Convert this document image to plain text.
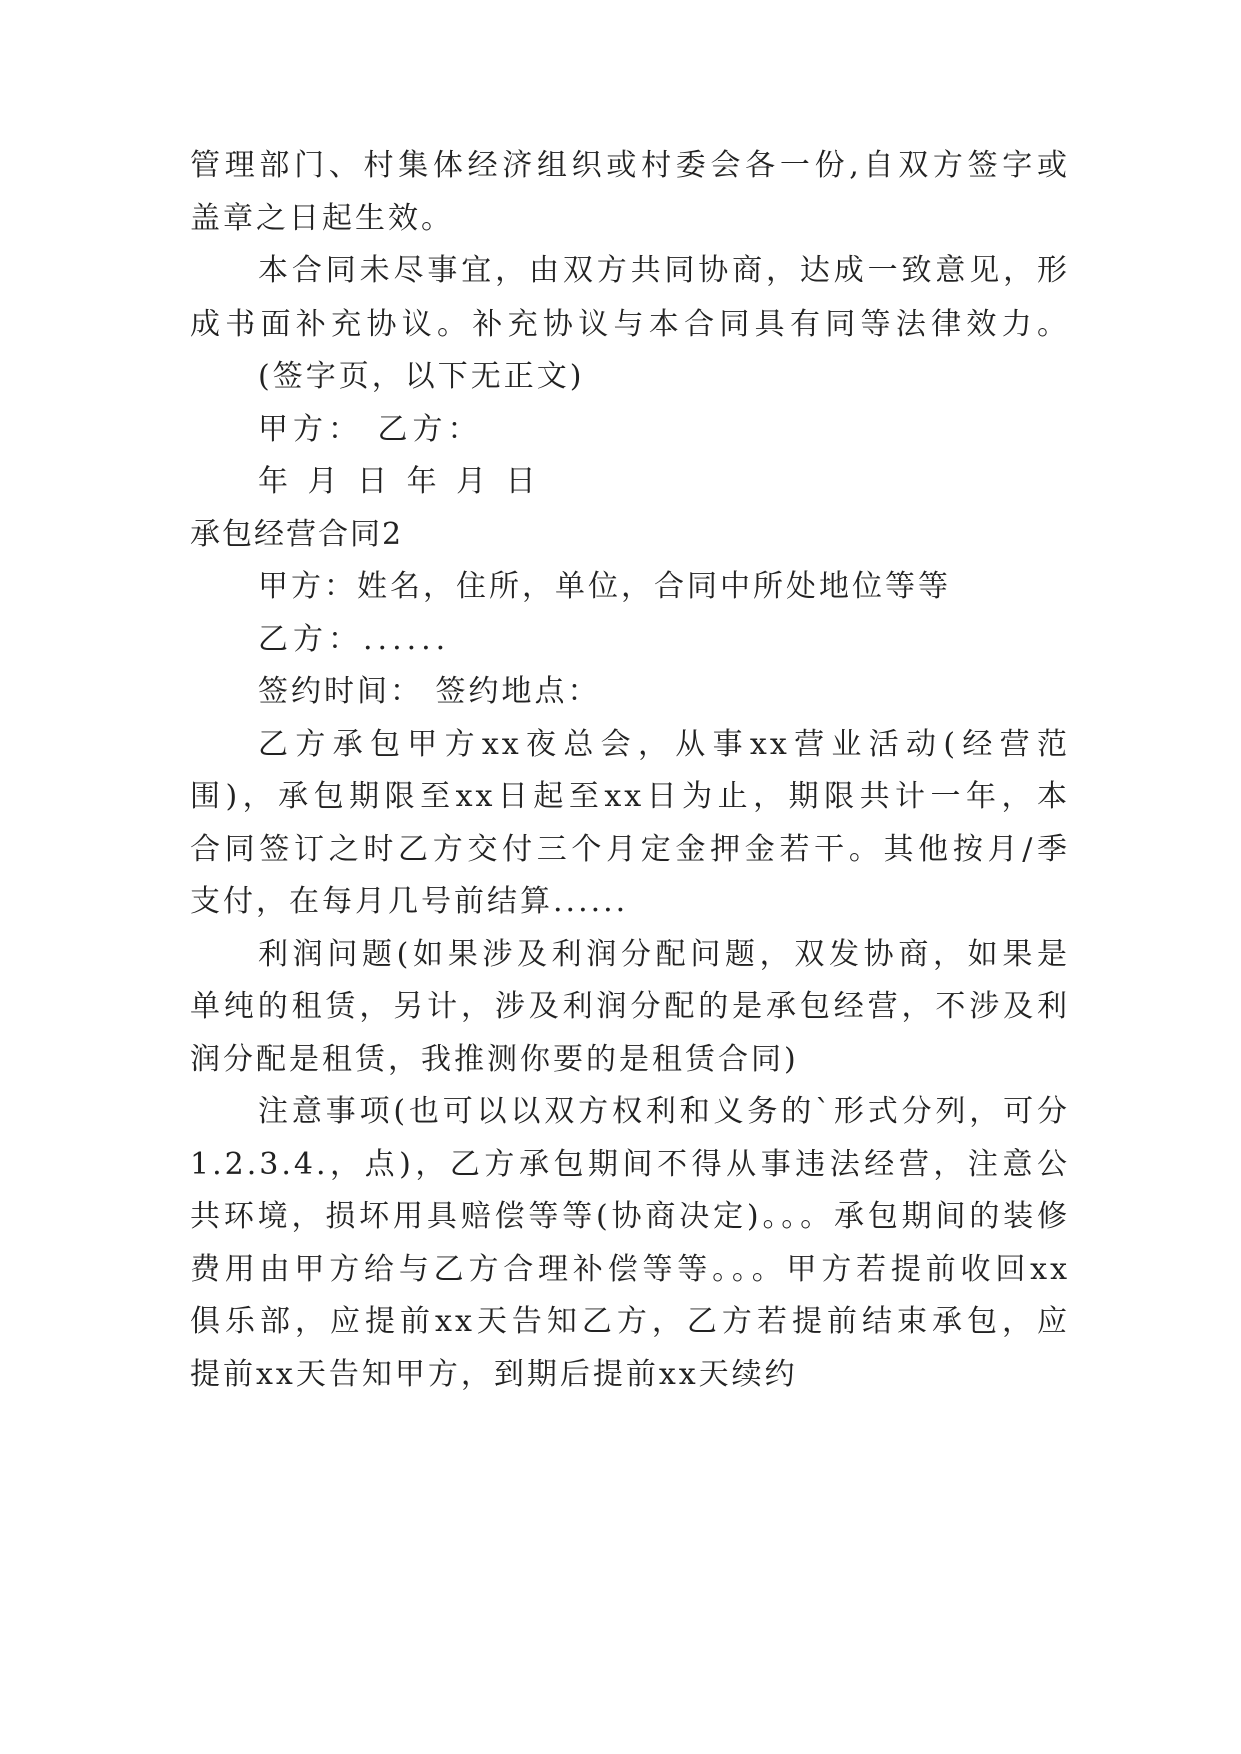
管理部门、村集体经济组织或村委会各一份,自双方签字或
盖章之日起生效。
本合同未尽事宜，由双方共同协商，达成一致意见，形
成书面补充协议。补充协议与本合同具有同等法律效力。
(签字页，以下无正文)
甲方： 乙方：
年 月 日 年 月 日
承包经营合同2
甲方：姓名，住所，单位，合同中所处地位等等
乙方：......
签约时间： 签约地点：
乙方承包甲方xx夜总会，从事xx营业活动(经营范
围)，承包期限至xx日起至xx日为止，期限共计一年，本
合同签订之时乙方交付三个月定金押金若干。其他按月/季
支付，在每月几号前结算......
利润问题(如果涉及利润分配问题，双发协商，如果是
单纯的租赁，另计，涉及利润分配的是承包经营，不涉及利
润分配是租赁，我推测你要的是租赁合同)
注意事项(也可以以双方权利和义务的`形式分列，可分
1.2.3.4.，点)，乙方承包期间不得从事违法经营，注意公
共环境，损坏用具赔偿等等(协商决定)。。。承包期间的装修
费用由甲方给与乙方合理补偿等等。。。甲方若提前收回xx
俱乐部，应提前xx天告知乙方，乙方若提前结束承包，应
提前xx天告知甲方，到期后提前xx天续约
